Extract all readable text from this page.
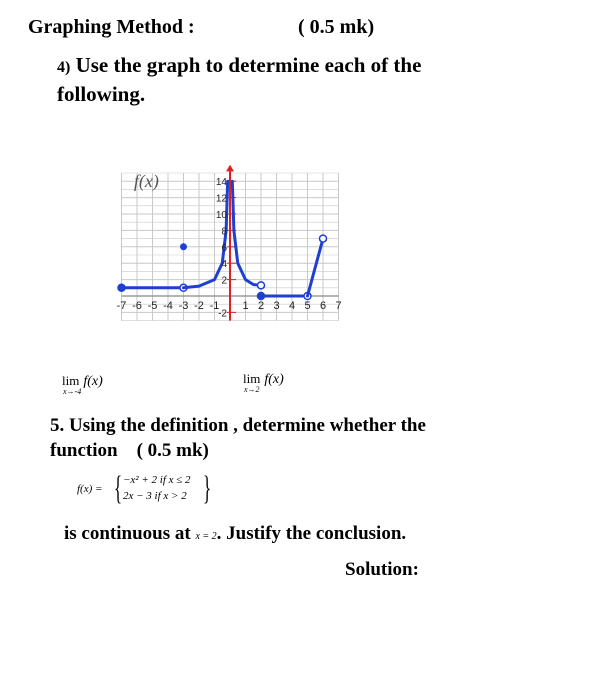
Graphing Method :	( 0.5 mk)
4) Use the graph to determine each of the following.
-7 -6 -5 -4 -3 -2 -1 1 2 3 4 5 6 7
-2
2
4
6
8
10
12
14
f(x)
lim f(x)
x→-4
lim f(x)
x→2
5. Using the definition , determine whether the function ( 0.5 mk)
f(x) = { −x² + 2 if x ≤ 2
2x − 3 if x > 2 }
is continuous at x = 2. Justify the conclusion.
Solution:
